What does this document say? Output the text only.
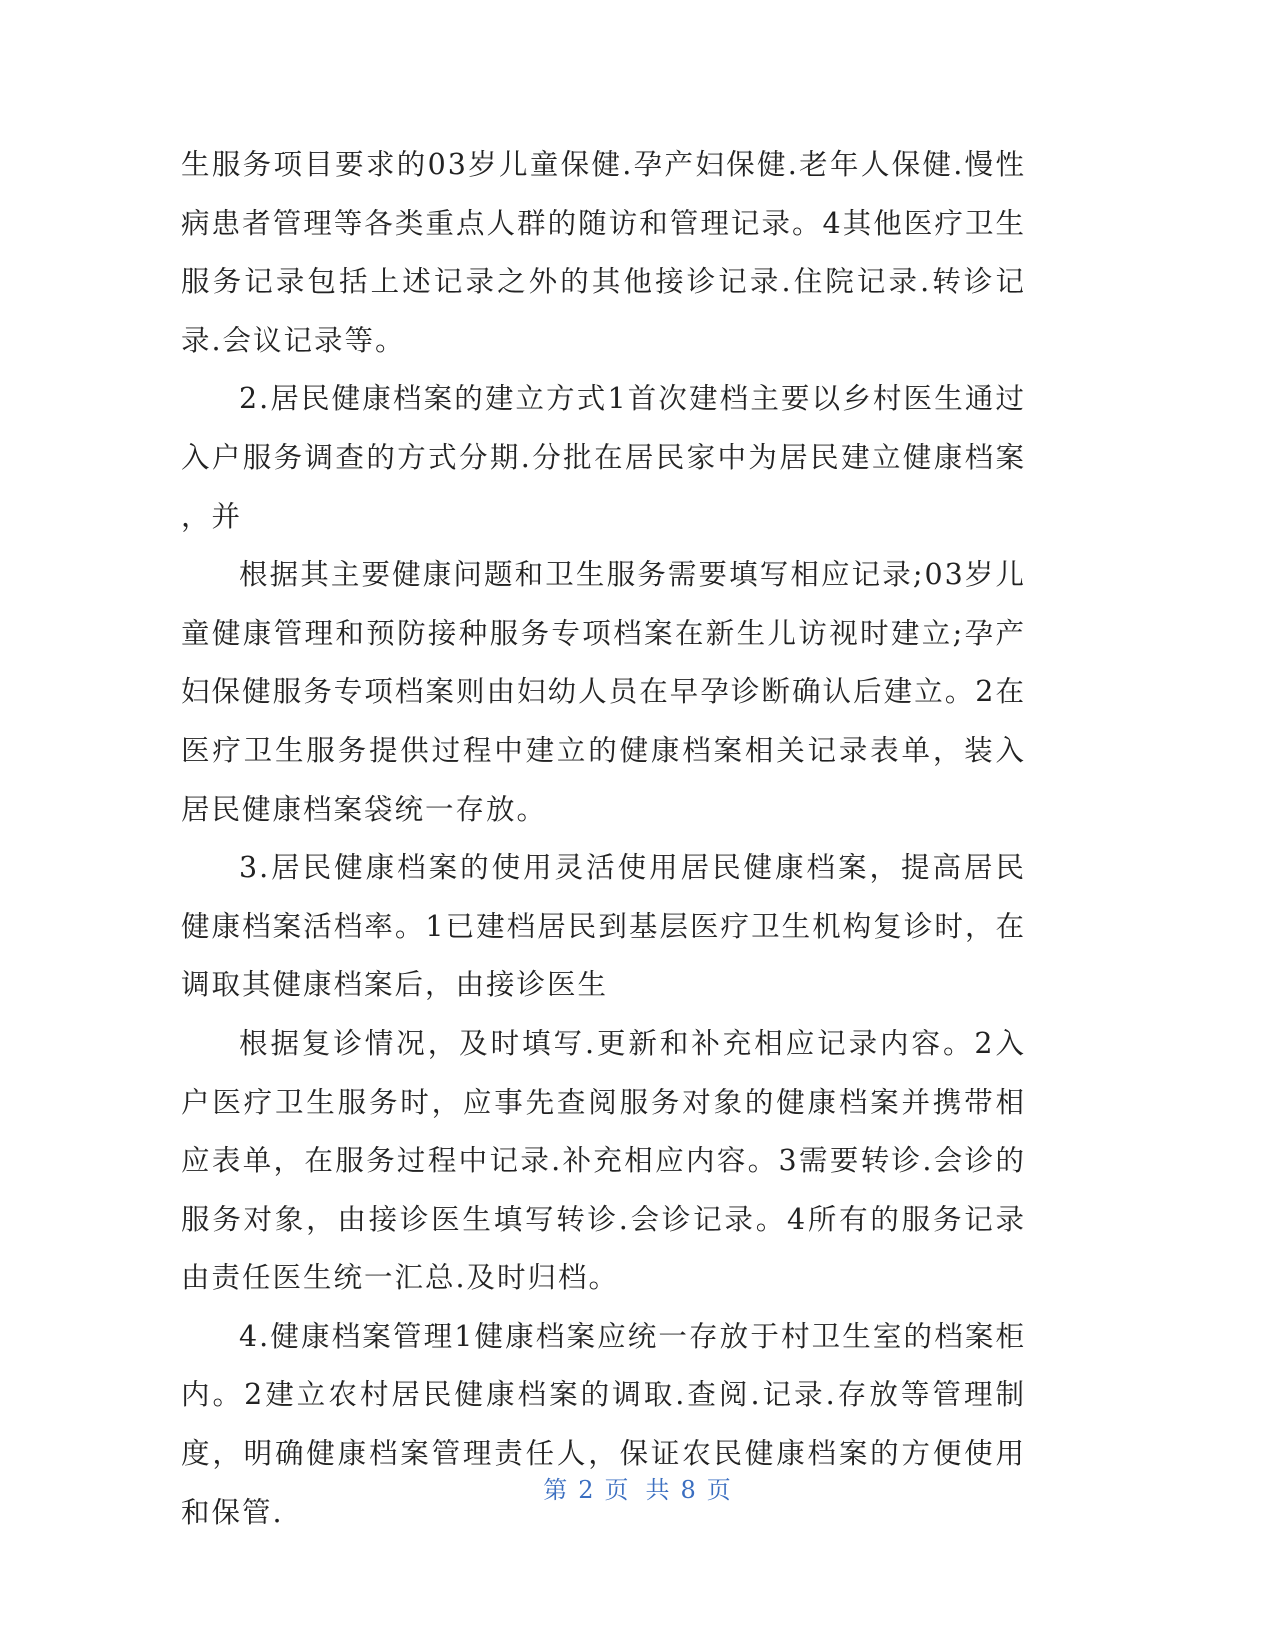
生服务项目要求的03岁儿童保健.孕产妇保健.老年人保健.慢性病患者管理等各类重点人群的随访和管理记录。4其他医疗卫生服务记录包括上述记录之外的其他接诊记录.住院记录.转诊记录.会议记录等。

2.居民健康档案的建立方式1首次建档主要以乡村医生通过入户服务调查的方式分期.分批在居民家中为居民建立健康档案，并

根据其主要健康问题和卫生服务需要填写相应记录;03岁儿童健康管理和预防接种服务专项档案在新生儿访视时建立;孕产妇保健服务专项档案则由妇幼人员在早孕诊断确认后建立。2在医疗卫生服务提供过程中建立的健康档案相关记录表单，装入居民健康档案袋统一存放。

3.居民健康档案的使用灵活使用居民健康档案，提高居民健康档案活档率。1已建档居民到基层医疗卫生机构复诊时，在调取其健康档案后，由接诊医生

根据复诊情况，及时填写.更新和补充相应记录内容。2入户医疗卫生服务时，应事先查阅服务对象的健康档案并携带相应表单，在服务过程中记录.补充相应内容。3需要转诊.会诊的服务对象，由接诊医生填写转诊.会诊记录。4所有的服务记录由责任医生统一汇总.及时归档。

4.健康档案管理1健康档案应统一存放于村卫生室的档案柜内。2建立农村居民健康档案的调取.查阅.记录.存放等管理制度，明确健康档案管理责任人，保证农民健康档案的方便使用和保管.

第 2 页 共 8 页
